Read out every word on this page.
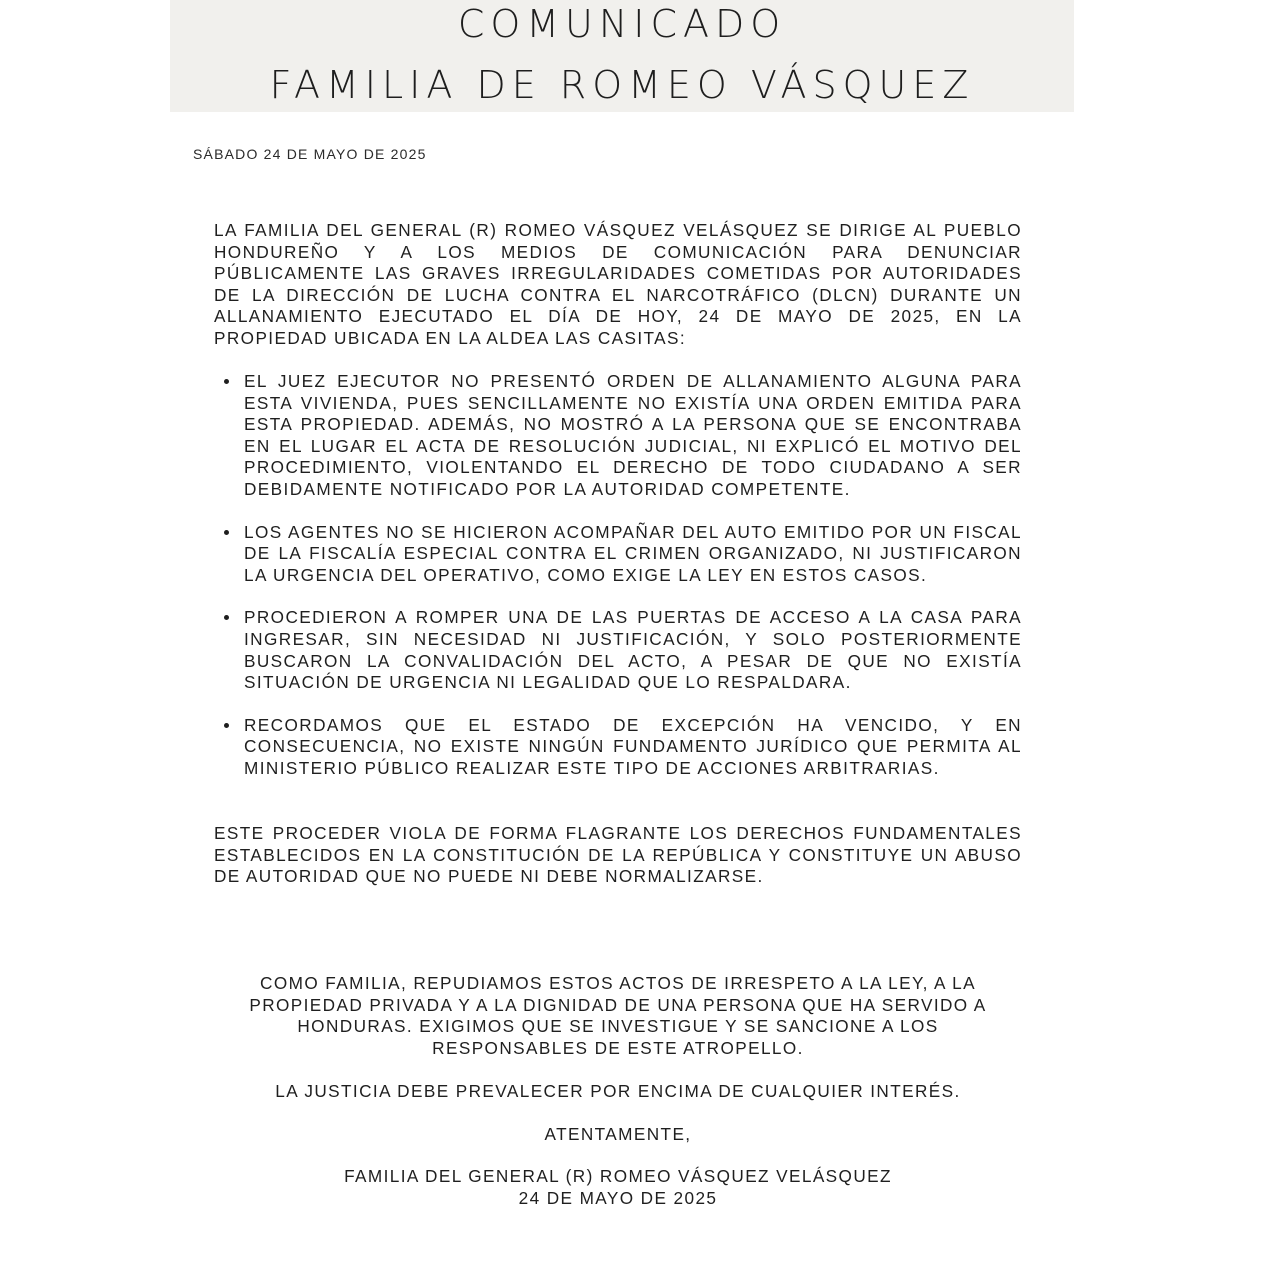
COMUNICADO
FAMILIA DE ROMEO VÁSQUEZ
SÁBADO 24 DE MAYO DE 2025
LA FAMILIA DEL GENERAL (R) ROMEO VÁSQUEZ VELÁSQUEZ SE DIRIGE AL PUEBLO HONDUREÑO Y A LOS MEDIOS DE COMUNICACIÓN PARA DENUNCIAR PÚBLICAMENTE LAS GRAVES IRREGULARIDADES COMETIDAS POR AUTORIDADES DE LA DIRECCIÓN DE LUCHA CONTRA EL NARCOTRÁFICO (DLCN) DURANTE UN ALLANAMIENTO EJECUTADO EL DÍA DE HOY, 24 DE MAYO DE 2025, EN LA PROPIEDAD UBICADA EN LA ALDEA LAS CASITAS:
EL JUEZ EJECUTOR NO PRESENTÓ ORDEN DE ALLANAMIENTO ALGUNA PARA ESTA VIVIENDA, PUES SENCILLAMENTE NO EXISTÍA UNA ORDEN EMITIDA PARA ESTA PROPIEDAD. ADEMÁS, NO MOSTRÓ A LA PERSONA QUE SE ENCONTRABA EN EL LUGAR EL ACTA DE RESOLUCIÓN JUDICIAL, NI EXPLICÓ EL MOTIVO DEL PROCEDIMIENTO, VIOLENTANDO EL DERECHO DE TODO CIUDADANO A SER DEBIDAMENTE NOTIFICADO POR LA AUTORIDAD COMPETENTE.
LOS AGENTES NO SE HICIERON ACOMPAÑAR DEL AUTO EMITIDO POR UN FISCAL DE LA FISCALÍA ESPECIAL CONTRA EL CRIMEN ORGANIZADO, NI JUSTIFICARON LA URGENCIA DEL OPERATIVO, COMO EXIGE LA LEY EN ESTOS CASOS.
PROCEDIERON A ROMPER UNA DE LAS PUERTAS DE ACCESO A LA CASA PARA INGRESAR, SIN NECESIDAD NI JUSTIFICACIÓN, Y SOLO POSTERIORMENTE BUSCARON LA CONVALIDACIÓN DEL ACTO, A PESAR DE QUE NO EXISTÍA SITUACIÓN DE URGENCIA NI LEGALIDAD QUE LO RESPALDARA.
RECORDAMOS QUE EL ESTADO DE EXCEPCIÓN HA VENCIDO, Y EN CONSECUENCIA, NO EXISTE NINGÚN FUNDAMENTO JURÍDICO QUE PERMITA AL MINISTERIO PÚBLICO REALIZAR ESTE TIPO DE ACCIONES ARBITRARIAS.
ESTE PROCEDER VIOLA DE FORMA FLAGRANTE LOS DERECHOS FUNDAMENTALES ESTABLECIDOS EN LA CONSTITUCIÓN DE LA REPÚBLICA Y CONSTITUYE UN ABUSO DE AUTORIDAD QUE NO PUEDE NI DEBE NORMALIZARSE.
COMO FAMILIA, REPUDIAMOS ESTOS ACTOS DE IRRESPETO A LA LEY, A LA PROPIEDAD PRIVADA Y A LA DIGNIDAD DE UNA PERSONA QUE HA SERVIDO A HONDURAS. EXIGIMOS QUE SE INVESTIGUE Y SE SANCIONE A LOS RESPONSABLES DE ESTE ATROPELLO.
LA JUSTICIA DEBE PREVALECER POR ENCIMA DE CUALQUIER INTERÉS.
ATENTAMENTE,
FAMILIA DEL GENERAL (R) ROMEO VÁSQUEZ VELÁSQUEZ
24 DE MAYO DE 2025
